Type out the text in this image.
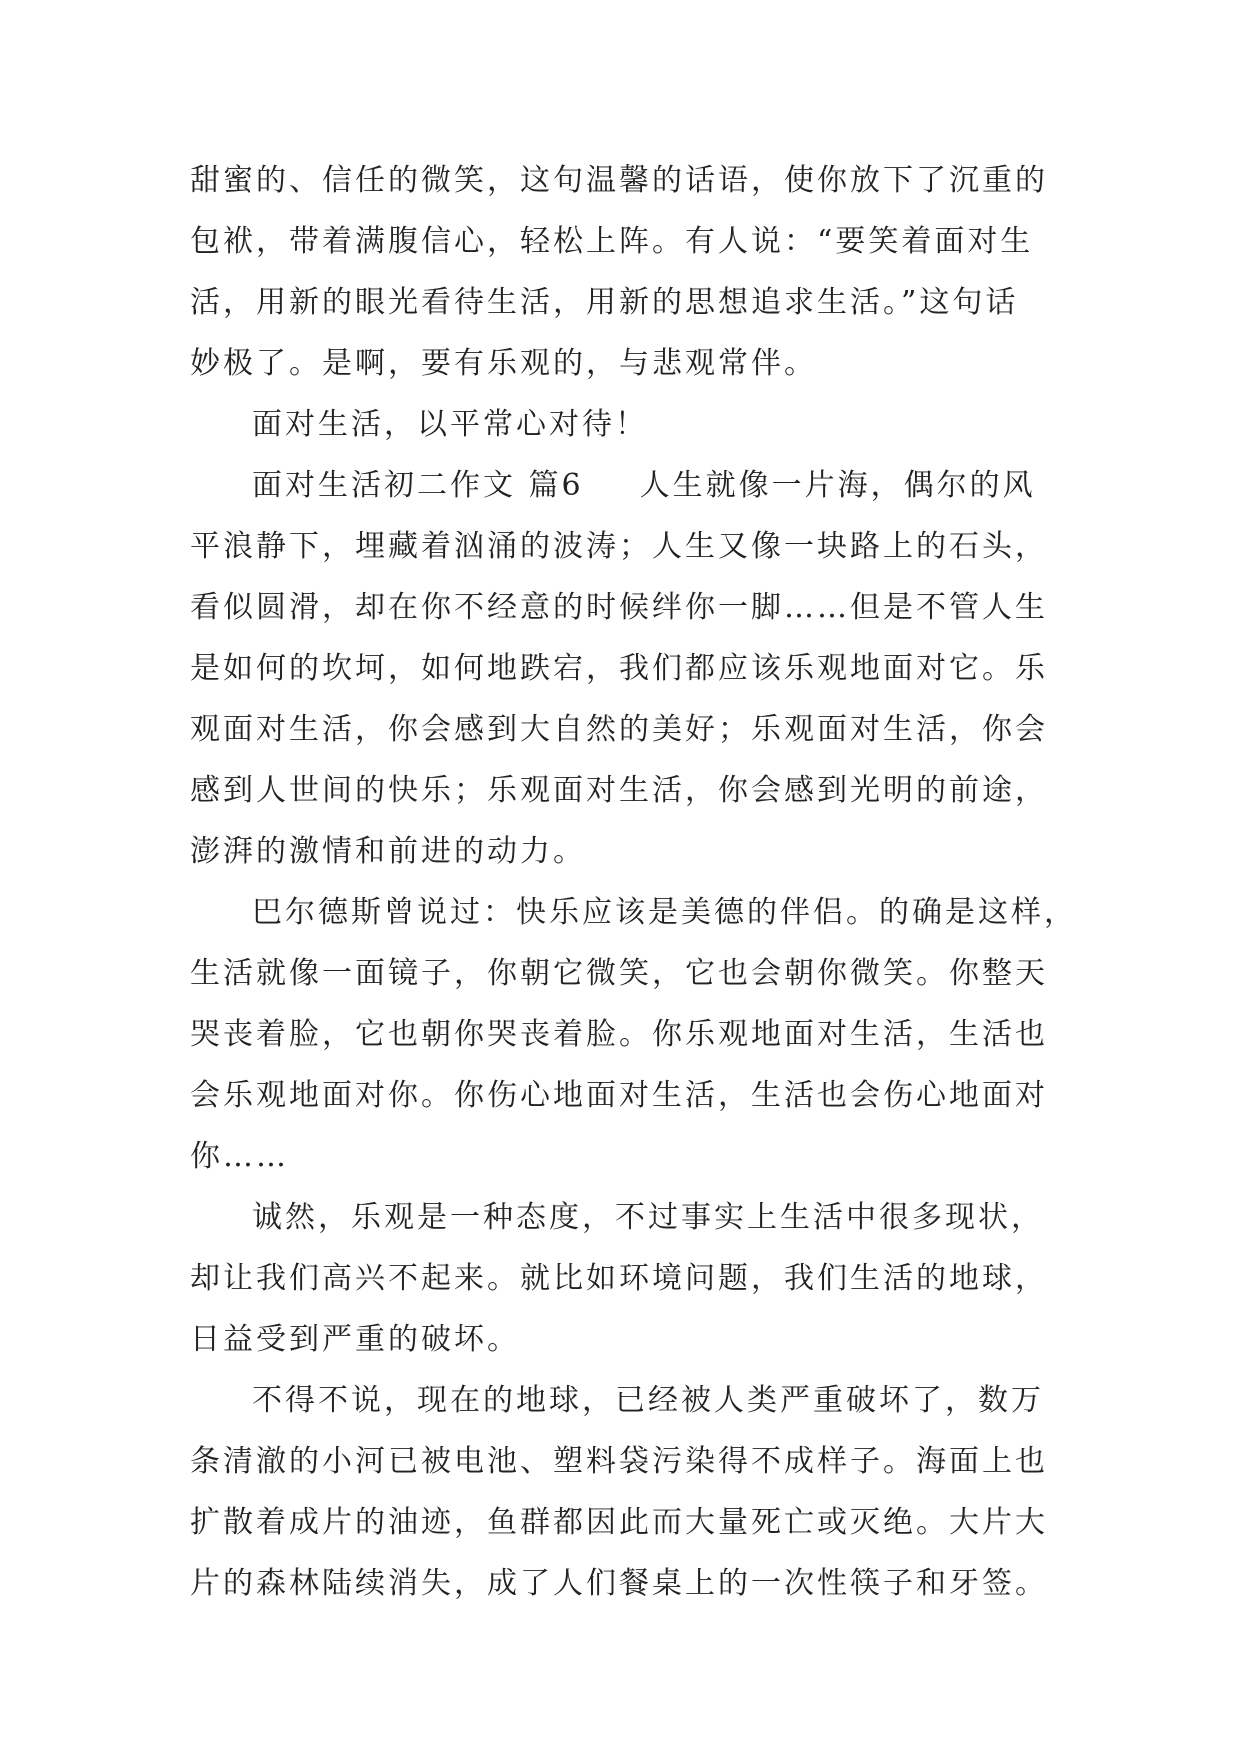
甜蜜的、信任的微笑，这句温馨的话语，使你放下了沉重的
包袱，带着满腹信心，轻松上阵。有人说：“要笑着面对生
活，用新的眼光看待生活，用新的思想追求生活。”这句话
妙极了。是啊，要有乐观的，与悲观常伴。
面对生活，以平常心对待！
面对生活初二作文 篇6 人生就像一片海，偶尔的风
平浪静下，埋藏着汹涌的波涛；人生又像一块路上的石头，
看似圆滑，却在你不经意的时候绊你一脚……但是不管人生
是如何的坎坷，如何地跌宕，我们都应该乐观地面对它。乐
观面对生活，你会感到大自然的美好；乐观面对生活，你会
感到人世间的快乐；乐观面对生活，你会感到光明的前途，
澎湃的激情和前进的动力。
巴尔德斯曾说过：快乐应该是美德的伴侣。的确是这样，
生活就像一面镜子，你朝它微笑，它也会朝你微笑。你整天
哭丧着脸，它也朝你哭丧着脸。你乐观地面对生活，生活也
会乐观地面对你。你伤心地面对生活，生活也会伤心地面对
你……
诚然，乐观是一种态度，不过事实上生活中很多现状，
却让我们高兴不起来。就比如环境问题，我们生活的地球，
日益受到严重的破坏。
不得不说，现在的地球，已经被人类严重破坏了，数万
条清澈的小河已被电池、塑料袋污染得不成样子。海面上也
扩散着成片的油迹，鱼群都因此而大量死亡或灭绝。大片大
片的森林陆续消失，成了人们餐桌上的一次性筷子和牙签。
